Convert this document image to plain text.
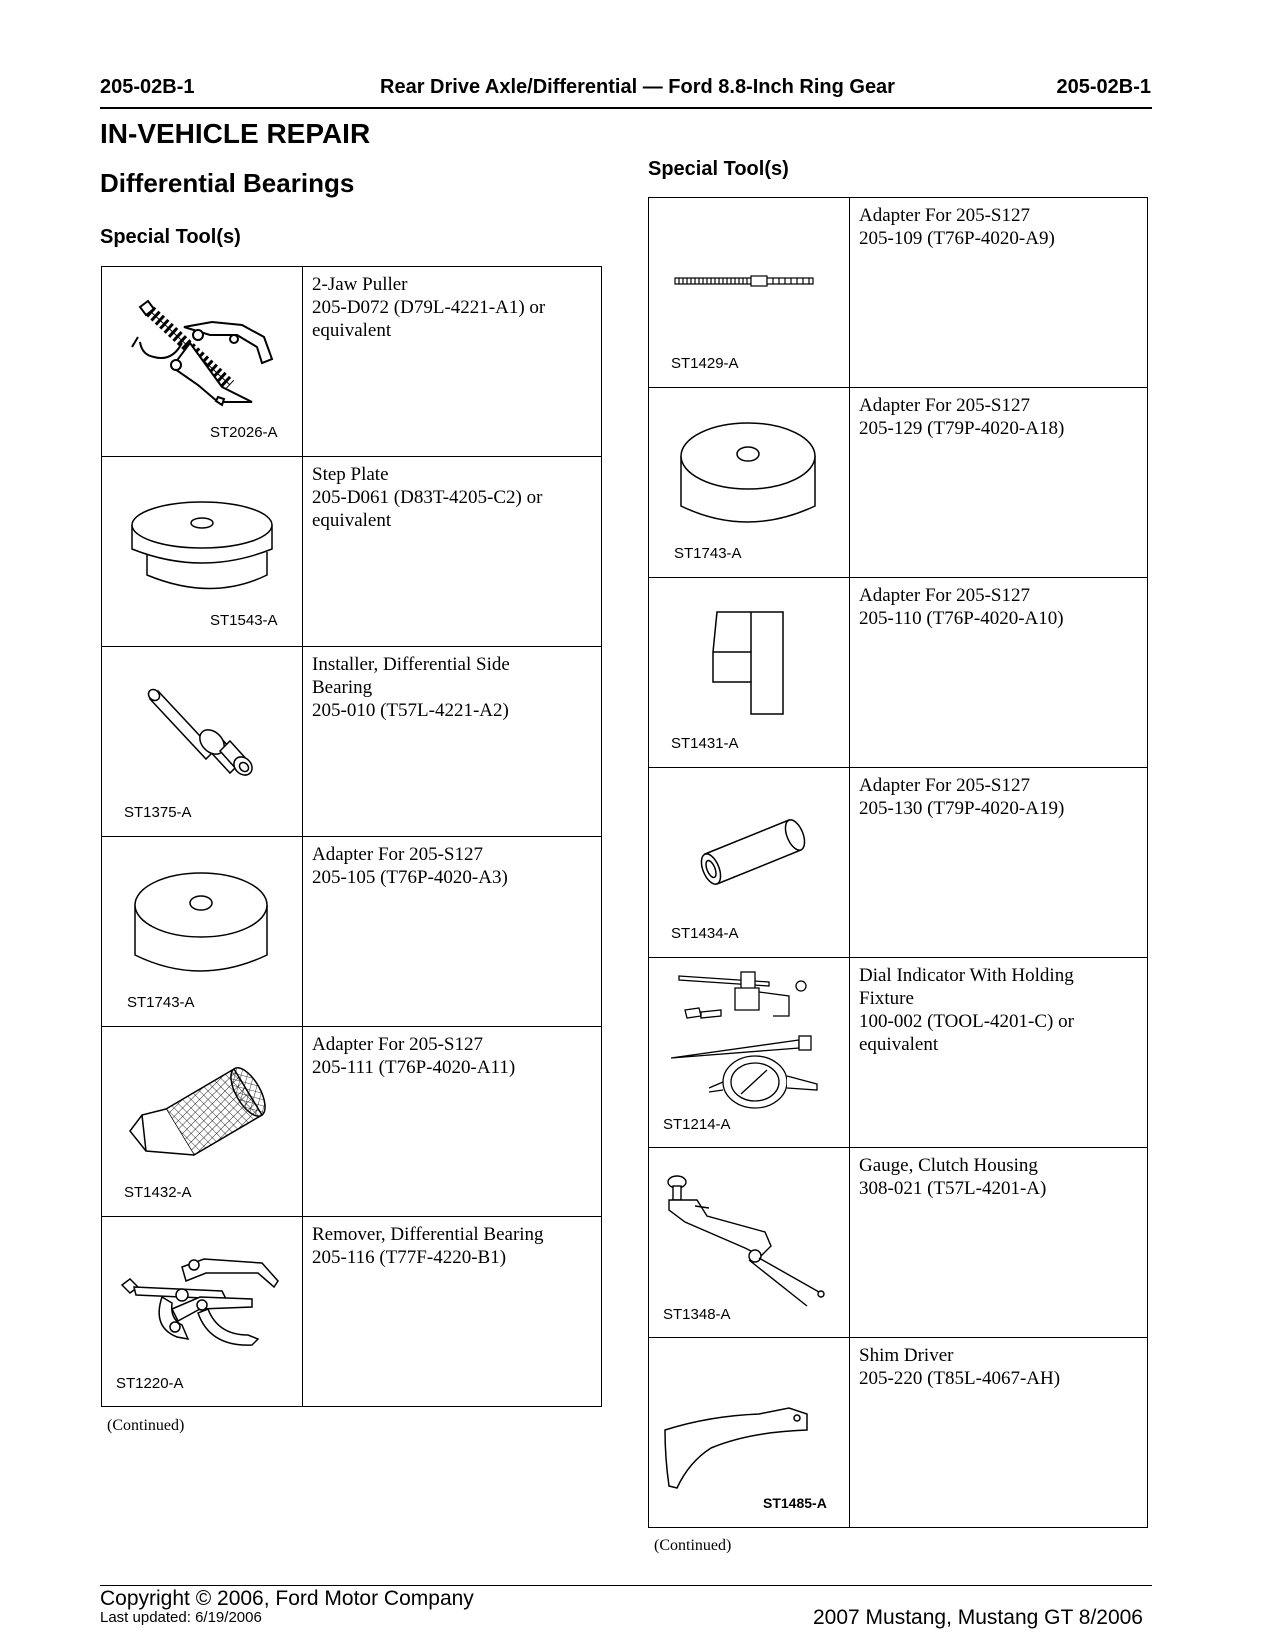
205-02B-1	Rear Drive Axle/Differential — Ford 8.8-Inch Ring Gear	205-02B-1
IN-VEHICLE REPAIR
Differential Bearings
Special Tool(s)
Special Tool(s)
ST2026-A	2-Jaw Puller
205-D072 (D79L-4221-A1) or
equivalent

ST1543-A	Step Plate
205-D061 (D83T-4205-C2) or
equivalent

ST1375-A	Installer, Differential Side
Bearing
205-010 (T57L-4221-A2)

ST1743-A	Adapter For 205-S127
205-105 (T76P-4020-A3)

ST1432-A	Adapter For 205-S127
205-111 (T76P-4020-A11)

ST1220-A	Remover, Differential Bearing
205-116 (T77F-4220-B1)
(Continued)
ST1429-A	Adapter For 205-S127
205-109 (T76P-4020-A9)

ST1743-A	Adapter For 205-S127
205-129 (T79P-4020-A18)

ST1431-A	Adapter For 205-S127
205-110 (T76P-4020-A10)

ST1434-A	Adapter For 205-S127
205-130 (T79P-4020-A19)

ST1214-A	Dial Indicator With Holding
Fixture
100-002 (TOOL-4201-C) or
equivalent

ST1348-A	Gauge, Clutch Housing
308-021 (T57L-4201-A)

ST1485-A	Shim Driver
205-220 (T85L-4067-AH)
(Continued)
Copyright © 2006, Ford Motor Company
Last updated: 6/19/2006	2007 Mustang, Mustang GT 8/2006
